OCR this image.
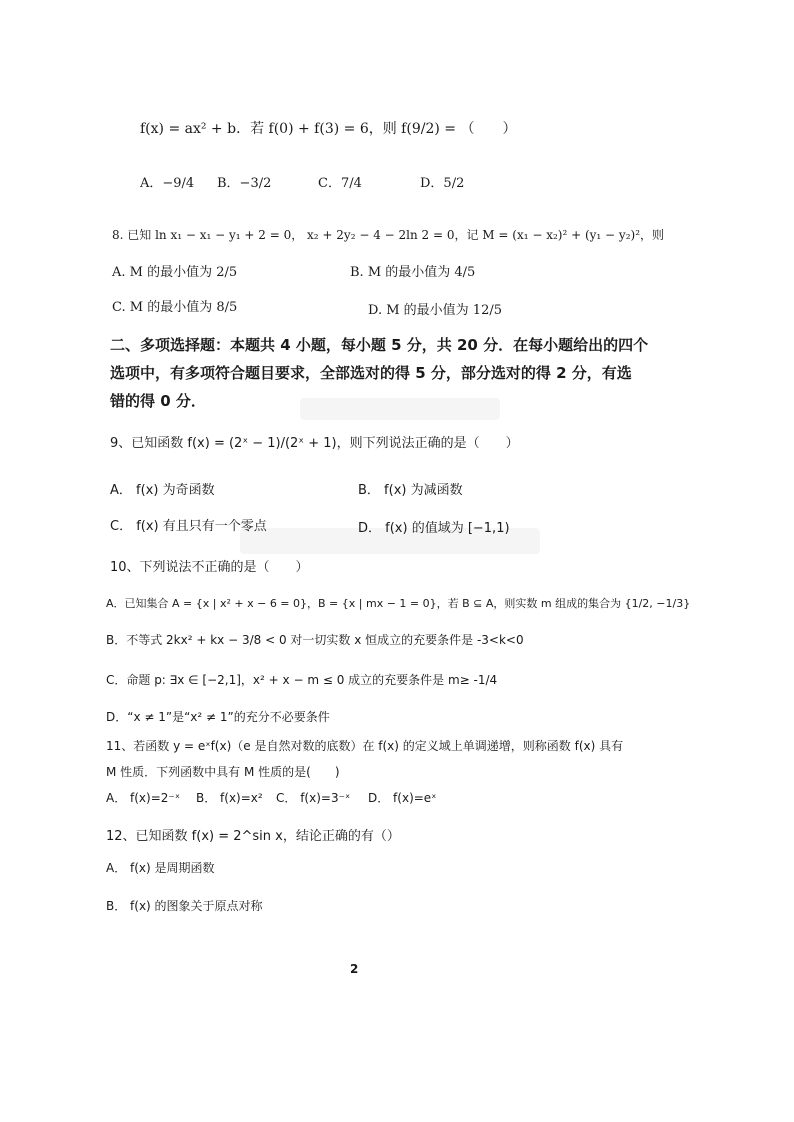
f(x) = ax² + b．若 f(0) + f(3) = 6，则 f(9/2) = （　　）
A．−9/4 B．−3/2	C．7/4	D．5/2
8. 已知 ln x₁ − x₁ − y₁ + 2 = 0， x₂ + 2y₂ − 4 − 2ln 2 = 0，记 M = (x₁ − x₂)² + (y₁ − y₂)²，则
A. M 的最小值为 2/5	B. M 的最小值为 4/5
C. M 的最小值为 8/5	D. M 的最小值为 12/5
二、多项选择题：本题共 4 小题，每小题 5 分，共 20 分．在每小题给出的四个
选项中，有多项符合题目要求，全部选对的得 5 分，部分选对的得 2 分，有选
错的得 0 分．
9、已知函数 f(x) = (2ˣ − 1)/(2ˣ + 1)，则下列说法正确的是（　　）
A． f(x) 为奇函数	B． f(x) 为减函数
C． f(x) 有且只有一个零点	D． f(x) 的值域为 [−1,1)
10、下列说法不正确的是（　　）
A．已知集合 A = {x | x² + x − 6 = 0}，B = {x | mx − 1 = 0}，若 B ⊆ A，则实数 m 组成的集合为 {1/2, −1/3}
B．不等式 2kx² + kx − 3/8 < 0 对一切实数 x 恒成立的充要条件是 -3<k<0
C．命题 p: ∃x ∈ [−2,1]，x² + x − m ≤ 0 成立的充要条件是 m≥ -1/4
D．“x ≠ 1”是“x² ≠ 1”的充分不必要条件
11、若函数 y = eˣf(x)（e 是自然对数的底数）在 f(x) 的定义域上单调递增，则称函数 f(x) 具有
M 性质．下列函数中具有 M 性质的是(　　)
A． f(x)=2⁻ˣ B． f(x)=x² C． f(x)=3⁻ˣ D． f(x)=eˣ
12、已知函数 f(x) = 2^sin x，结论正确的有（）
A． f(x) 是周期函数
B． f(x) 的图象关于原点对称
2
